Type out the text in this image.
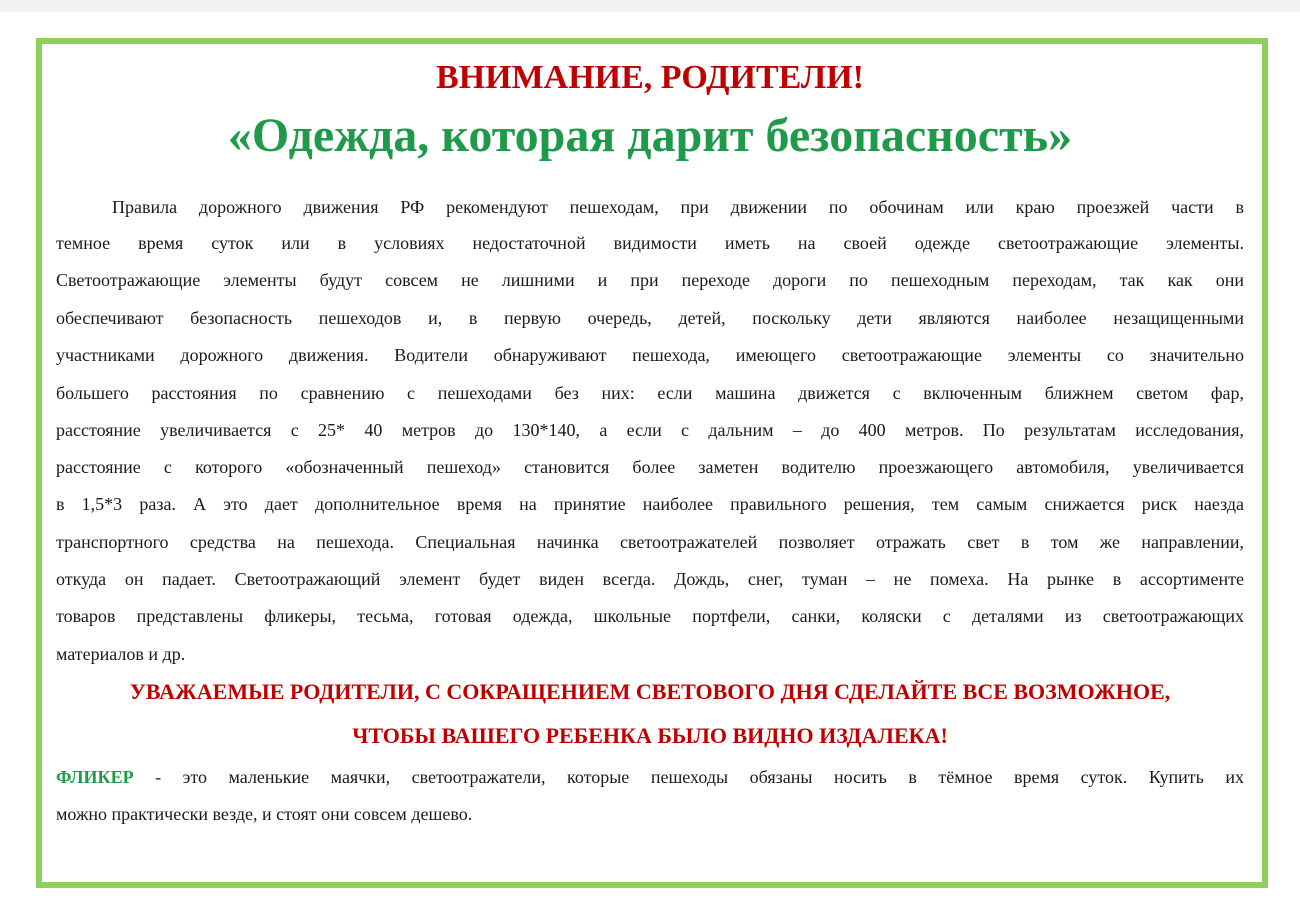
ВНИМАНИЕ, РОДИТЕЛИ!
«Одежда, которая дарит безопасность»
Правила дорожного движения РФ рекомендуют пешеходам, при движении по обочинам или краю проезжей части в
темное время суток или в условиях недостаточной видимости иметь на своей одежде светоотражающие элементы.
Светоотражающие элементы будут совсем не лишними и при переходе дороги по пешеходным переходам, так как они
обеспечивают безопасность пешеходов и, в первую очередь, детей, поскольку дети являются наиболее незащищенными
участниками дорожного движения. Водители обнаруживают пешехода, имеющего светоотражающие элементы со значительно
большего расстояния по сравнению с пешеходами без них: если машина движется с включенным ближнем светом фар,
расстояние увеличивается с 25* 40 метров до 130*140, а если с дальним – до 400 метров. По результатам исследования,
расстояние с которого «обозначенный пешеход» становится более заметен водителю проезжающего автомобиля, увеличивается
в 1,5*3 раза. А это дает дополнительное время на принятие наиболее правильного решения, тем самым снижается риск наезда
транспортного средства на пешехода. Специальная начинка светоотражателей позволяет отражать свет в том же направлении,
откуда он падает. Светоотражающий элемент будет виден всегда. Дождь, снег, туман – не помеха. На рынке в ассортименте
товаров представлены фликеры, тесьма, готовая одежда, школьные портфели, санки, коляски с деталями из светоотражающих
материалов и др.
УВАЖАЕМЫЕ РОДИТЕЛИ, С СОКРАЩЕНИЕМ СВЕТОВОГО ДНЯ СДЕЛАЙТЕ ВСЕ ВОЗМОЖНОЕ,
ЧТОБЫ ВАШЕГО РЕБЕНКА БЫЛО ВИДНО ИЗДАЛЕКА!
ФЛИКЕР - это маленькие маячки, светоотражатели, которые пешеходы обязаны носить в тёмное время суток. Купить их
можно практически везде, и стоят они совсем дешево.
